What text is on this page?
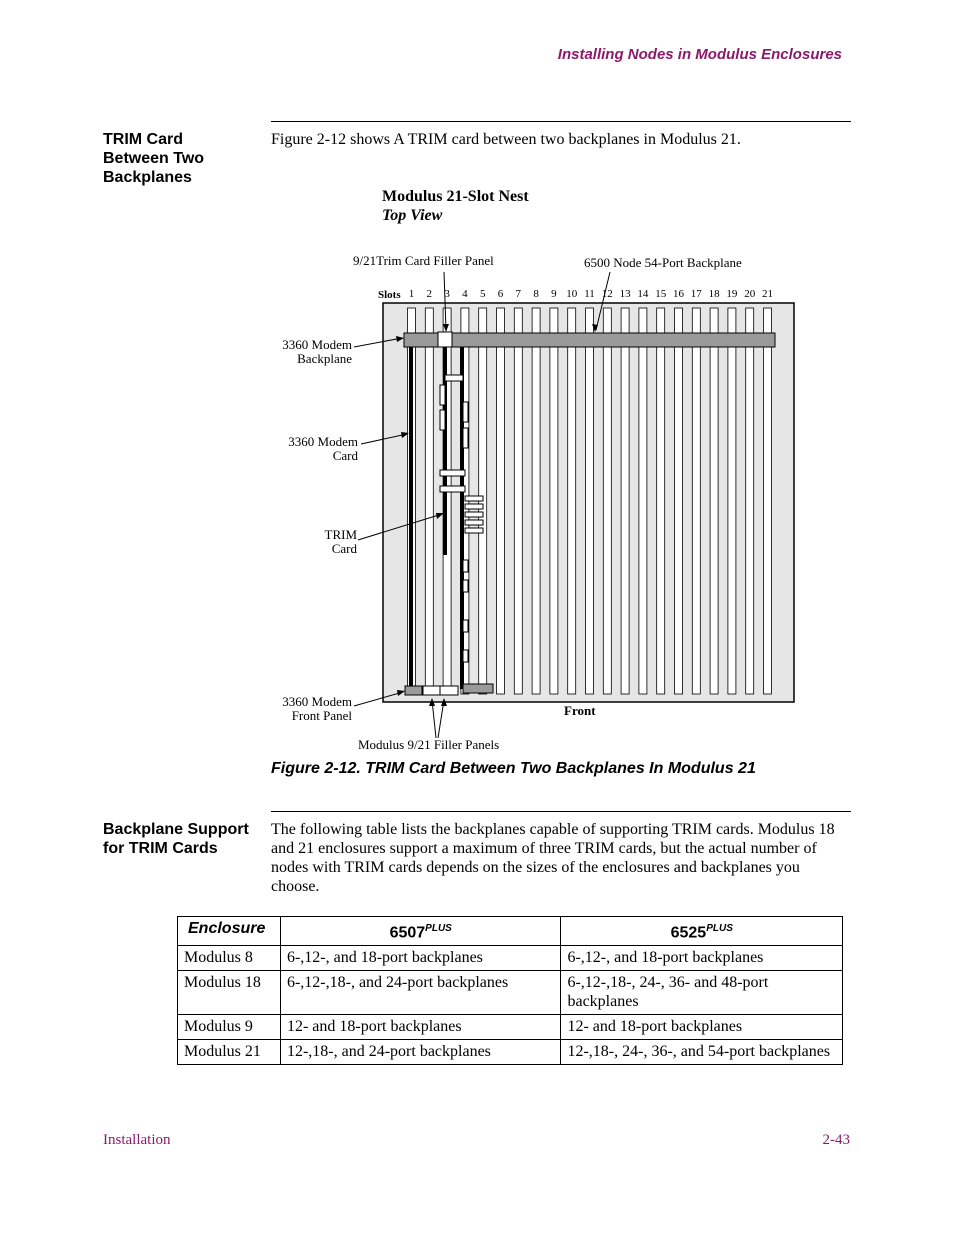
Installing Nodes in Modulus Enclosures
TRIM Card Between Two Backplanes
Figure 2-12 shows A TRIM card between two backplanes in Modulus 21.
Modulus 21-Slot Nest
Top View
9/21Trim Card Filler Panel	6500 Node 54-Port Backplane
Slots 1 2 3 4 5 6 7 8 9 10 11 12 13 14 15 16 17 18 19 20 21
3360 Modem
Backplane
3360 Modem
Card
TRIM
Card
3360 Modem
Front Panel	Front
Modulus 9/21 Filler Panels
Figure 2-12. TRIM Card Between Two Backplanes In Modulus 21
Backplane Support for TRIM Cards
The following table lists the backplanes capable of supporting TRIM cards. Modulus 18 and 21 enclosures support a maximum of three TRIM cards, but the actual number of nodes with TRIM cards depends on the sizes of the enclosures and backplanes you choose.
Enclosure	$6507^{PLUS}$	$6525^{PLUS}$
Modulus 8	6-,12-, and 18-port backplanes	6-,12-, and 18-port backplanes
Modulus 18	6-,12-,18-, and 24-port backplanes	6-,12-,18-, 24-, 36- and 48-port backplanes
Modulus 9	12- and 18-port backplanes	12- and 18-port backplanes
Modulus 21	12-,18-, and 24-port backplanes	12-,18-, 24-, 36-, and 54-port backplanes
Installation	2-43
